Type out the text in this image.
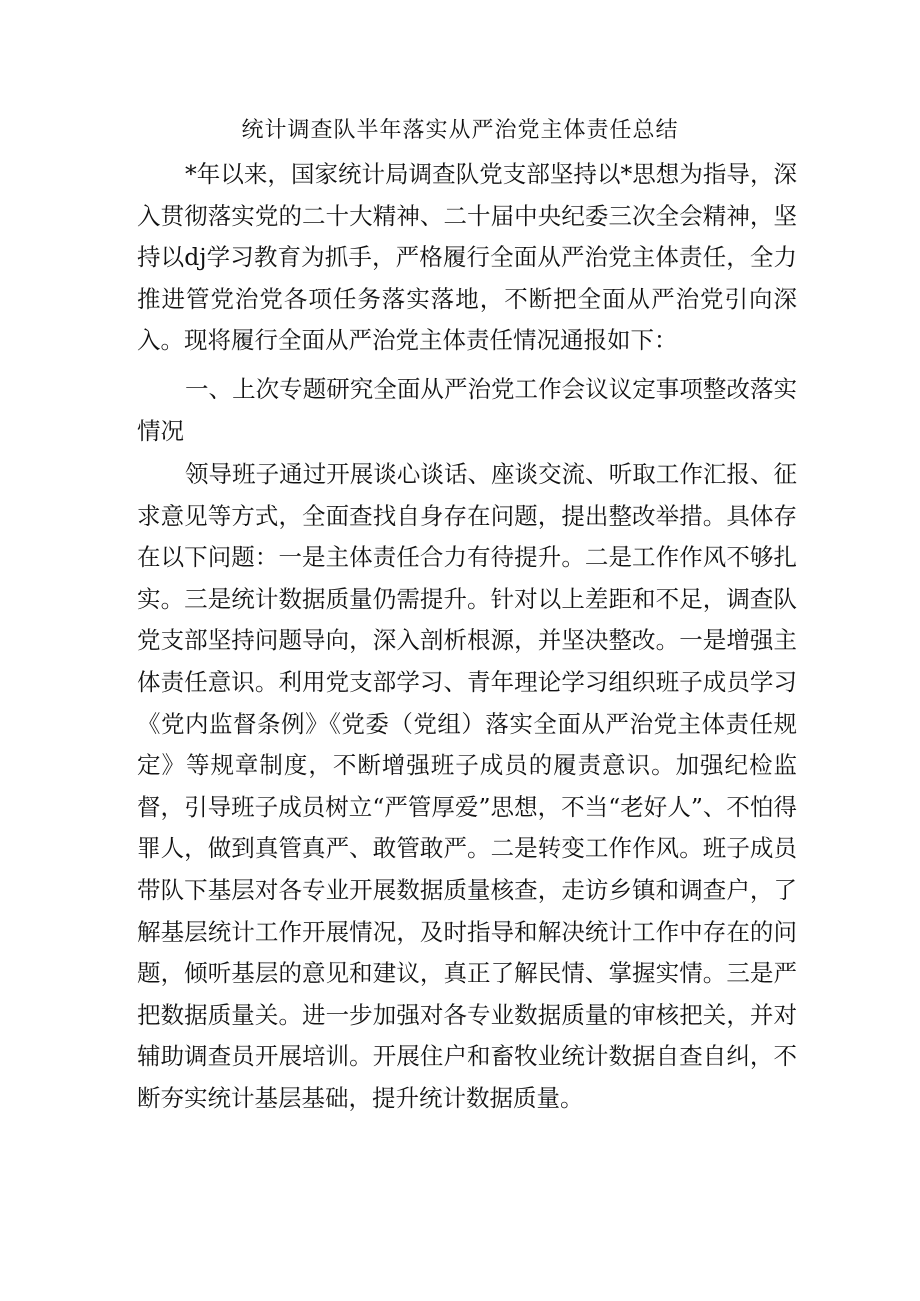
统计调查队半年落实从严治党主体责任总结

*年以来，国家统计局调查队党支部坚持以*思想为指导，深入贯彻落实党的二十大精神、二十届中央纪委三次全会精神，坚持以dj学习教育为抓手，严格履行全面从严治党主体责任，全力推进管党治党各项任务落实落地，不断把全面从严治党引向深入。现将履行全面从严治党主体责任情况通报如下：

一、上次专题研究全面从严治党工作会议议定事项整改落实情况

领导班子通过开展谈心谈话、座谈交流、听取工作汇报、征求意见等方式，全面查找自身存在问题，提出整改举措。具体存在以下问题：一是主体责任合力有待提升。二是工作作风不够扎实。三是统计数据质量仍需提升。针对以上差距和不足，调查队党支部坚持问题导向，深入剖析根源，并坚决整改。一是增强主体责任意识。利用党支部学习、青年理论学习组织班子成员学习《党内监督条例》《党委（党组）落实全面从严治党主体责任规定》等规章制度，不断增强班子成员的履责意识。加强纪检监督，引导班子成员树立“严管厚爱”思想，不当“老好人”、不怕得罪人，做到真管真严、敢管敢严。二是转变工作作风。班子成员带队下基层对各专业开展数据质量核查，走访乡镇和调查户，了解基层统计工作开展情况，及时指导和解决统计工作中存在的问题，倾听基层的意见和建议，真正了解民情、掌握实情。三是严把数据质量关。进一步加强对各专业数据质量的审核把关，并对辅助调查员开展培训。开展住户和畜牧业统计数据自查自纠，不断夯实统计基层基础，提升统计数据质量。
